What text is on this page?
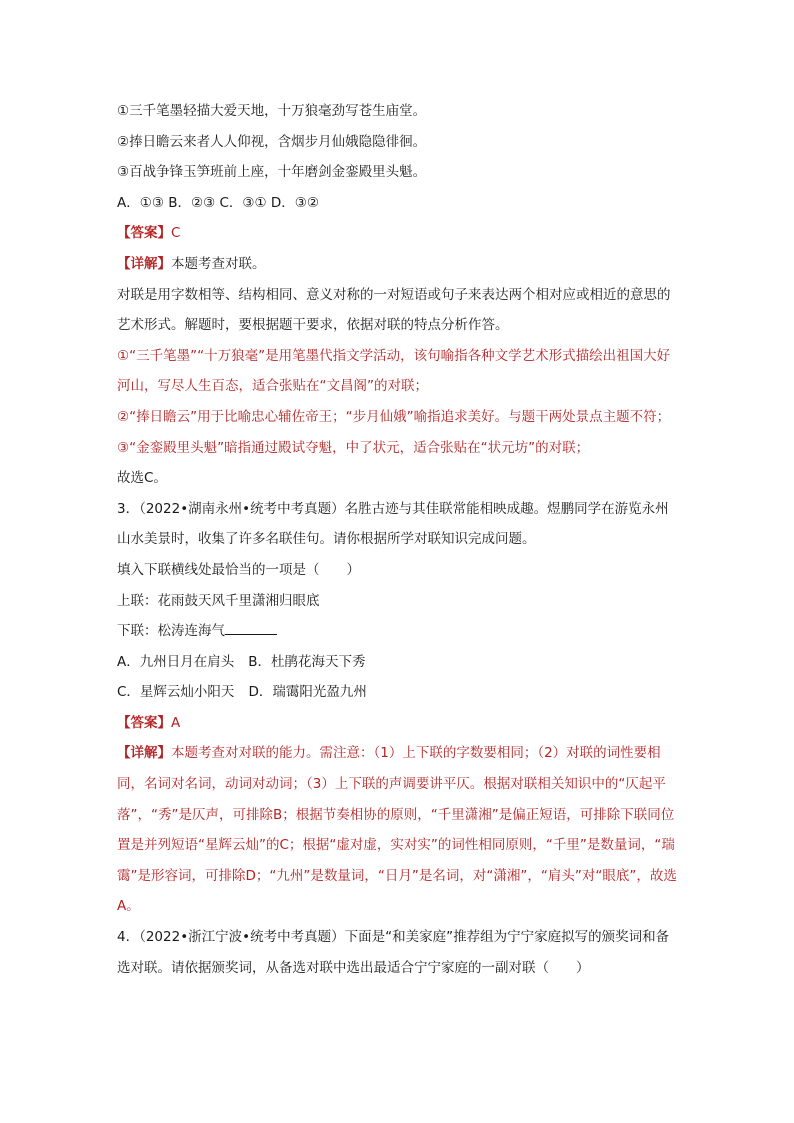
①三千笔墨轻描大爱天地，十万狼毫劲写苍生庙堂。
②捧日瞻云来者人人仰视，含烟步月仙娥隐隐徘徊。
③百战争锋玉笋班前上座，十年磨剑金銮殿里头魁。
A．①③ B．②③ C．③① D．③②
【答案】C
【详解】本题考查对联。
对联是用字数相等、结构相同、意义对称的一对短语或句子来表达两个相对应或相近的意思的艺术形式。解题时，要根据题干要求，依据对联的特点分析作答。
①“三千笔墨”“十万狼毫”是用笔墨代指文学活动，该句喻指各种文学艺术形式描绘出祖国大好河山，写尽人生百态，适合张贴在“文昌阁”的对联；
②“捧日瞻云”用于比喻忠心辅佐帝王；“步月仙娥”喻指追求美好。与题干两处景点主题不符；
③“金銮殿里头魁”暗指通过殿试夺魁，中了状元，适合张贴在“状元坊”的对联；
故选C。
3．（2022•湖南永州•统考中考真题）名胜古迹与其佳联常能相映成趣。煜鹏同学在游览永州山水美景时，收集了许多名联佳句。请你根据所学对联知识完成问题。
填入下联横线处最恰当的一项是（　　）
上联：花雨鼓天风千里潇湘归眼底
下联：松涛连海气
A．九州日月在肩头 B．杜鹃花海天下秀
C．星辉云灿小阳天 D．瑞霭阳光盈九州
【答案】A
【详解】本题考查对对联的能力。需注意：（1）上下联的字数要相同；（2）对联的词性要相同，名词对名词，动词对动词；（3）上下联的声调要讲平仄。根据对联相关知识中的“仄起平落”，“秀”是仄声，可排除B；根据节奏相协的原则，“千里潇湘”是偏正短语，可排除下联同位置是并列短语“星辉云灿”的C；根据“虚对虚，实对实”的词性相同原则，“千里”是数量词，“瑞霭”是形容词，可排除D；“九州”是数量词，“日月”是名词，对“潇湘”，“肩头”对“眼底”，故选A。
4．（2022•浙江宁波•统考中考真题）下面是“和美家庭”推荐组为宁宁家庭拟写的颁奖词和备选对联。请依据颁奖词，从备选对联中选出最适合宁宁家庭的一副对联（　　）
